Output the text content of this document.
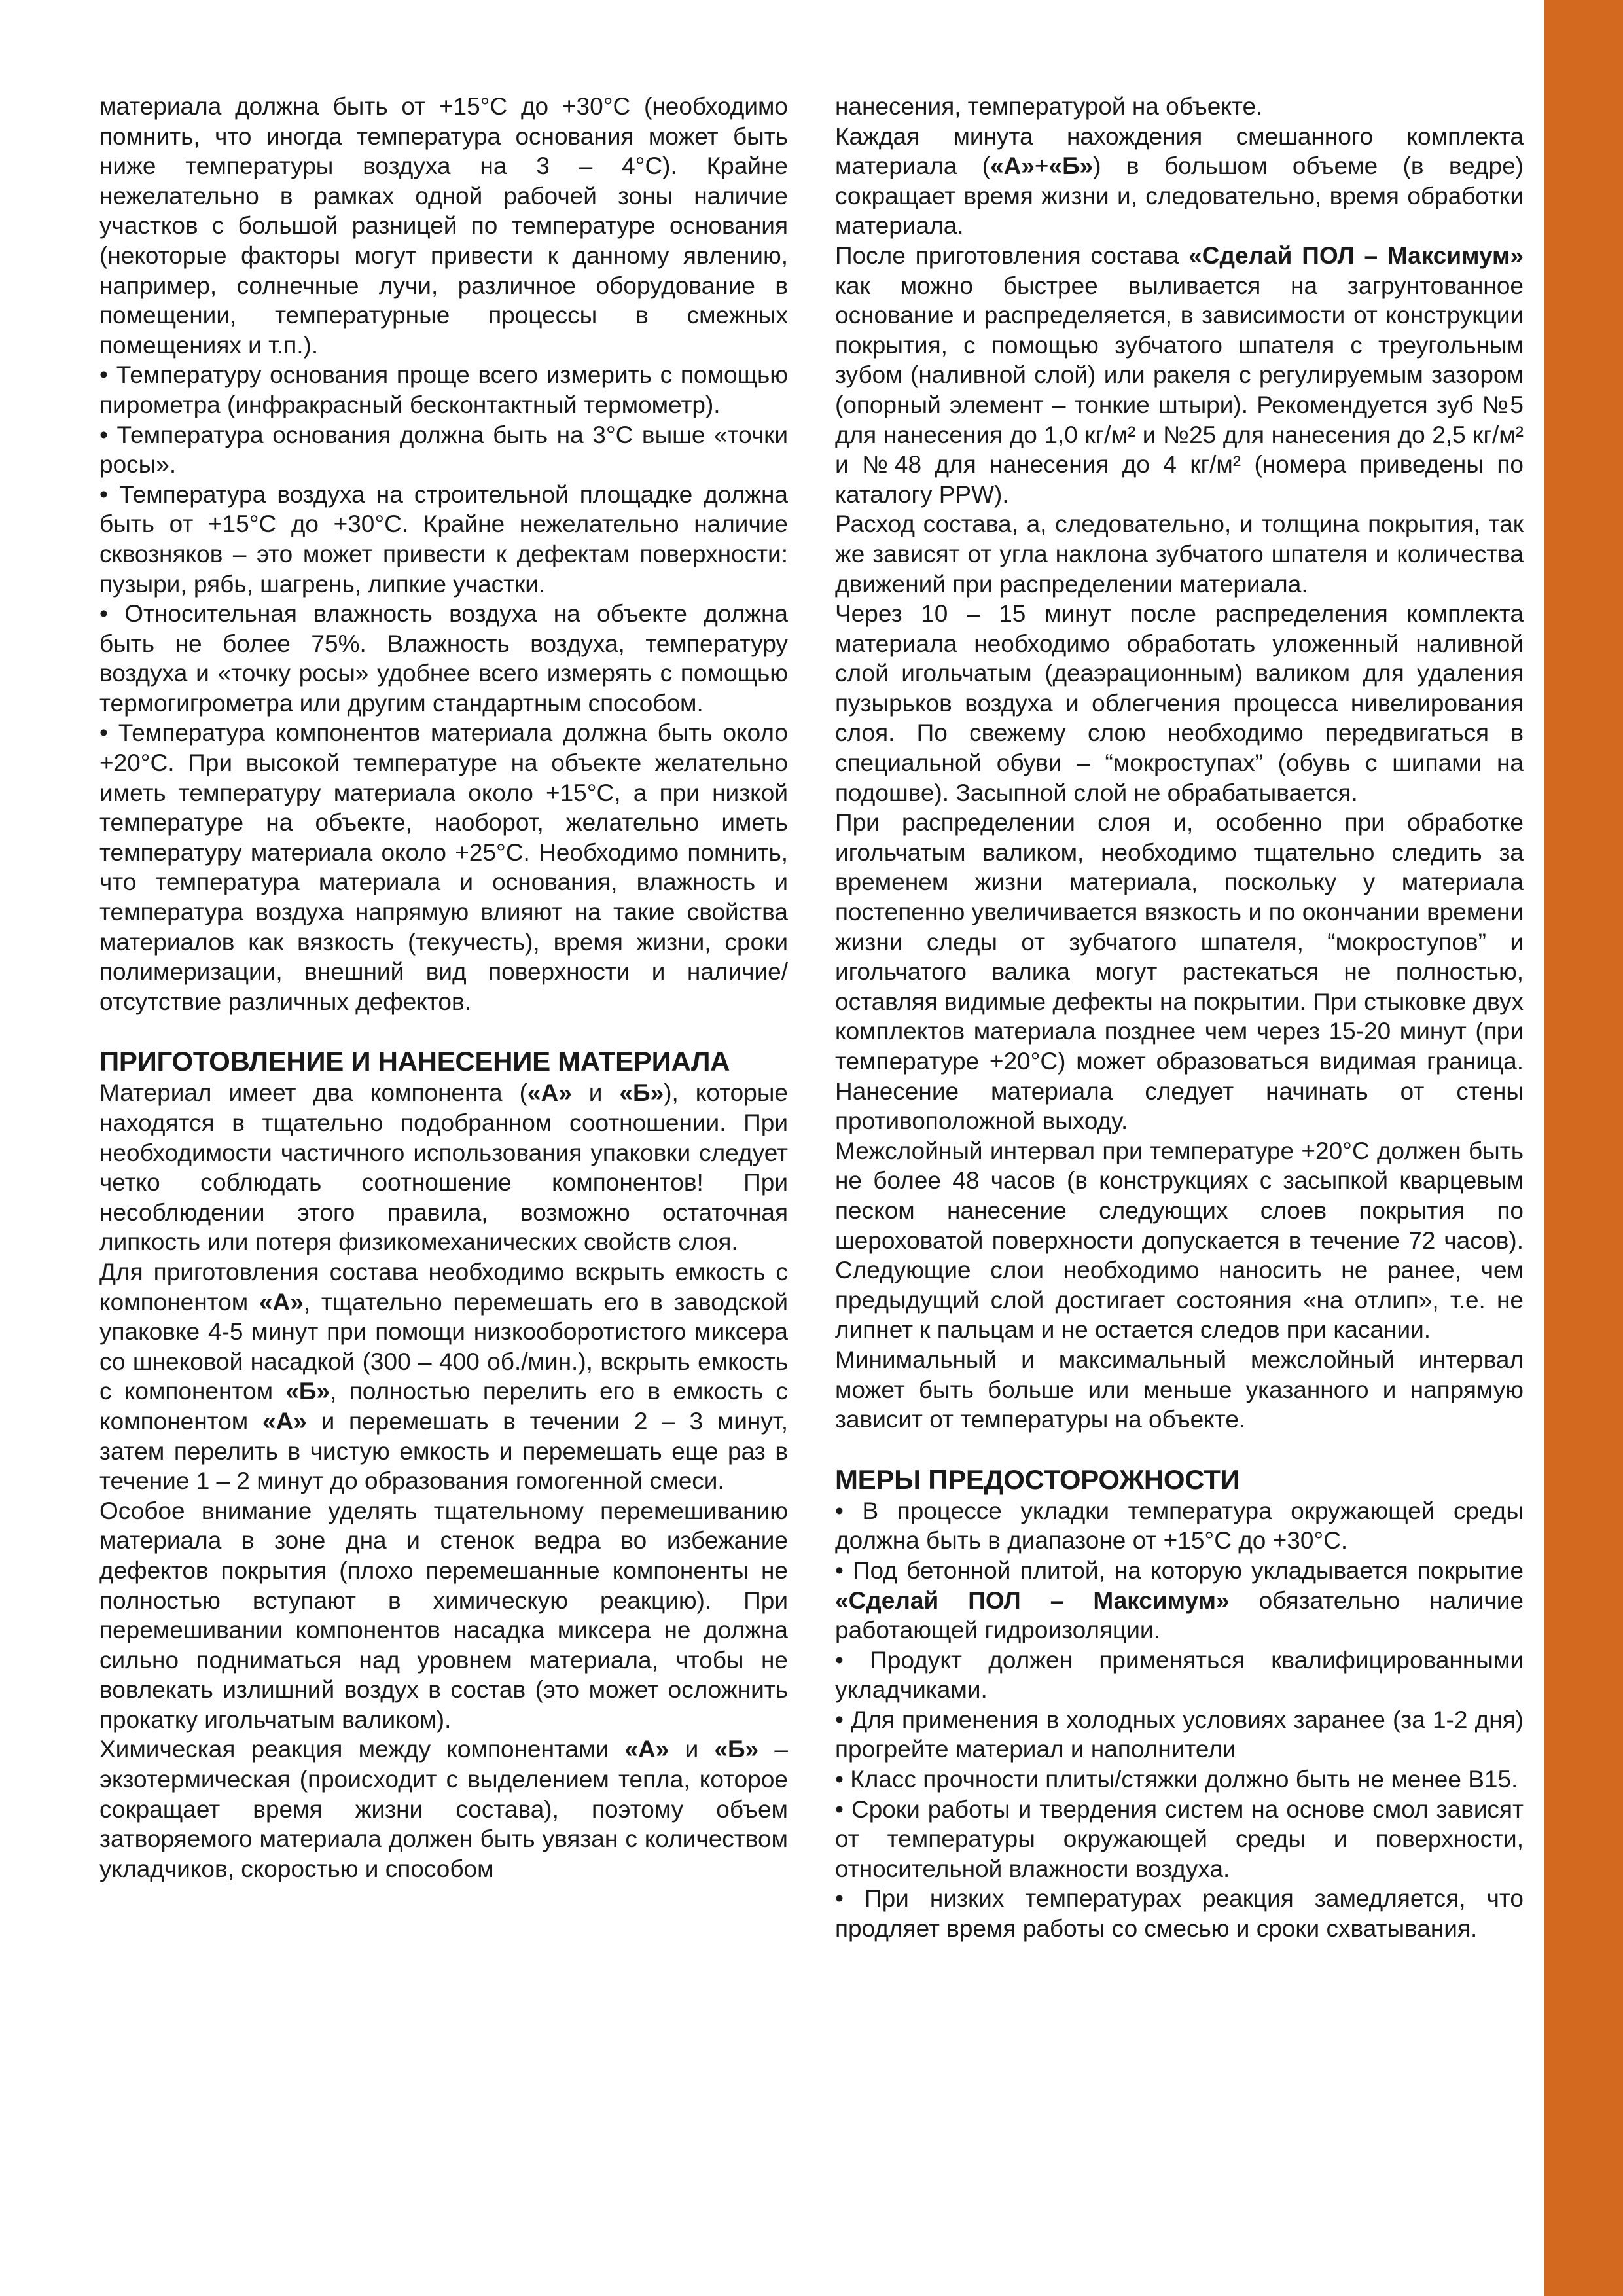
материала должна быть от +15°С до +30°С (необходимо помнить, что иногда температура основания может быть ниже температуры воздуха на 3 – 4°С). Крайне нежелательно в рамках одной рабочей зоны наличие участков с большой разницей по температуре основания (некоторые факторы могут привести к данному явлению, например, солнечные лучи, различное оборудование в помещении, температурные процессы в смежных помещениях и т.п.).

• Температуру основания проще всего измерить с помощью пирометра (инфракрасный бесконтактный термометр).

• Температура основания должна быть на 3°С выше «точки росы».

• Температура воздуха на строительной площадке должна быть от +15°С до +30°С. Крайне нежелательно наличие сквозняков – это может привести к дефектам поверхности: пузыри, рябь, шагрень, липкие участки.

• Относительная влажность воздуха на объекте должна быть не более 75%. Влажность воздуха, температуру воздуха и «точку росы» удобнее всего измерять с помощью термогигрометра или другим стандартным способом.

• Температура компонентов материала должна быть около +20°С. При высокой температуре на объекте желательно иметь температуру материала около +15°С, а при низкой температуре на объекте, наоборот, желательно иметь температуру материала около +25°С. Необходимо помнить, что температура материала и основания, влажность и температура воздуха напрямую влияют на такие свойства материалов как вязкость (текучесть), время жизни, сроки полимеризации, внешний вид поверхности и наличие/отсутствие различных дефектов.

ПРИГОТОВЛЕНИЕ И НАНЕСЕНИЕ МАТЕРИАЛА

Материал имеет два компонента («А» и «Б»), которые находятся в тщательно подобранном соотношении. При необходимости частичного использования упаковки следует четко соблюдать соотношение компонентов! При несоблюдении этого правила, возможно остаточная липкость или потеря физикомеханических свойств слоя.

Для приготовления состава необходимо вскрыть емкость с компонентом «А», тщательно перемешать его в заводской упаковке 4-5 минут при помощи низкооборотистого миксера со шнековой насадкой (300 – 400 об./мин.), вскрыть емкость с компонентом «Б», полностью перелить его в емкость с компонентом «А» и перемешать в течении 2 – 3 минут, затем перелить в чистую емкость и перемешать еще раз в течение 1 – 2 минут до образования гомогенной смеси.

Особое внимание уделять тщательному перемешиванию материала в зоне дна и стенок ведра во избежание дефектов покрытия (плохо перемешанные компоненты не полностью вступают в химическую реакцию). При перемешивании компонентов насадка миксера не должна сильно подниматься над уровнем материала, чтобы не вовлекать излишний воздух в состав (это может осложнить прокатку игольчатым валиком).

Химическая реакция между компонентами «А» и «Б» – экзотермическая (происходит с выделением тепла, которое сокращает время жизни состава), поэтому объем затворяемого материала должен быть увязан с количеством укладчиков, скоростью и способом

нанесения, температурой на объекте.

Каждая минута нахождения смешанного комплекта материала («А»+«Б») в большом объеме (в ведре) сокращает время жизни и, следовательно, время обработки материала.

После приготовления состава «Сделай ПОЛ – Максимум» как можно быстрее выливается на загрунтованное основание и распределяется, в зависимости от конструкции покрытия, с помощью зубчатого шпателя с треугольным зубом (наливной слой) или ракеля с регулируемым зазором (опорный элемент – тонкие штыри). Рекомендуется зуб №5 для нанесения до 1,0 кг/м² и №25 для нанесения до 2,5 кг/м² и №48 для нанесения до 4 кг/м² (номера приведены по каталогу PPW).

Расход состава, а, следовательно, и толщина покрытия, так же зависят от угла наклона зубчатого шпателя и количества движений при распределении материала.

Через 10 – 15 минут после распределения комплекта материала необходимо обработать уложенный наливной слой игольчатым (деаэрационным) валиком для удаления пузырьков воздуха и облегчения процесса нивелирования слоя. По свежему слою необходимо передвигаться в специальной обуви – “мокроступах” (обувь с шипами на подошве). Засыпной слой не обрабатывается.

При распределении слоя и, особенно при обработке игольчатым валиком, необходимо тщательно следить за временем жизни материала, поскольку у материала постепенно увеличивается вязкость и по окончании времени жизни следы от зубчатого шпателя, “мокроступов” и игольчатого валика могут растекаться не полностью, оставляя видимые дефекты на покрытии. При стыковке двух комплектов материала позднее чем через 15-20 минут (при температуре +20°С) может образоваться видимая граница. Нанесение материала следует начинать от стены противоположной выходу.

Межслойный интервал при температуре +20°С должен быть не более 48 часов (в конструкциях с засыпкой кварцевым песком нанесение следующих слоев покрытия по шероховатой поверхности допускается в течение 72 часов). Следующие слои необходимо наносить не ранее, чем предыдущий слой достигает состояния «на отлип», т.е. не липнет к пальцам и не остается следов при касании.

Минимальный и максимальный межслойный интервал может быть больше или меньше указанного и напрямую зависит от температуры на объекте.

МЕРЫ ПРЕДОСТОРОЖНОСТИ

• В процессе укладки температура окружающей среды должна быть в диапазоне от +15°С до +30°С.

• Под бетонной плитой, на которую укладывается покрытие «Сделай ПОЛ – Максимум» обязательно наличие работающей гидроизоляции.

• Продукт должен применяться квалифицированными укладчиками.

• Для применения в холодных условиях заранее (за 1-2 дня) прогрейте материал и наполнители

• Класс прочности плиты/стяжки должно быть не менее В15.

• Сроки работы и твердения систем на основе смол зависят от температуры окружающей среды и поверхности, относительной влажности воздуха.

• При низких температурах реакция замедляется, что продляет время работы со смесью и сроки схватывания.
